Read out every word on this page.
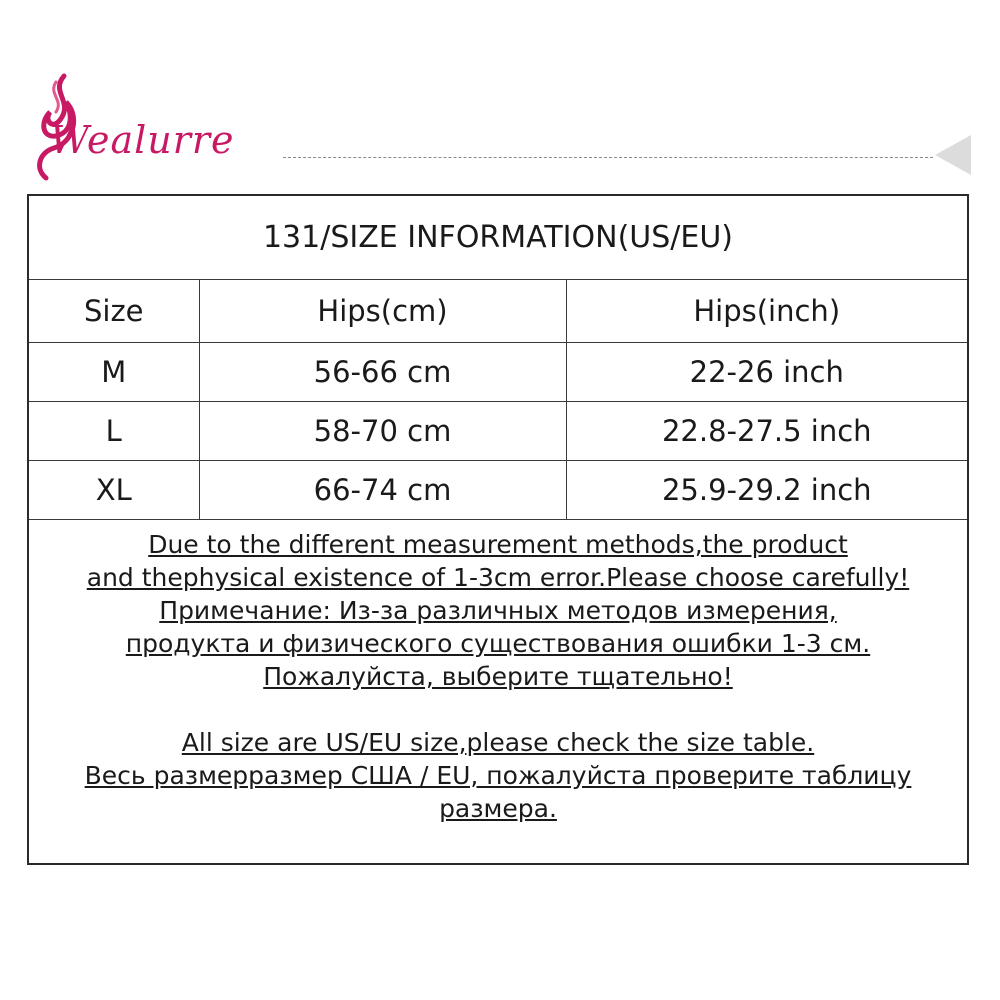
Wealurre
131/SIZE INFORMATION(US/EU)
Size	Hips(cm)	Hips(inch)
M	56-66 cm	22-26 inch
L	58-70 cm	22.8-27.5 inch
XL	66-74 cm	25.9-29.2 inch
Due to the different measurement methods,the product
and thephysical existence of 1-3cm error.Please choose carefully!
Примечание: Из-за различных методов измерения,
продукта и физического существования ошибки 1-3 см.
Пожалуйста, выберите тщательно!
All size are US/EU size,please check the size table.
Весь размерразмер США / EU, пожалуйста проверите таблицу
размера.
